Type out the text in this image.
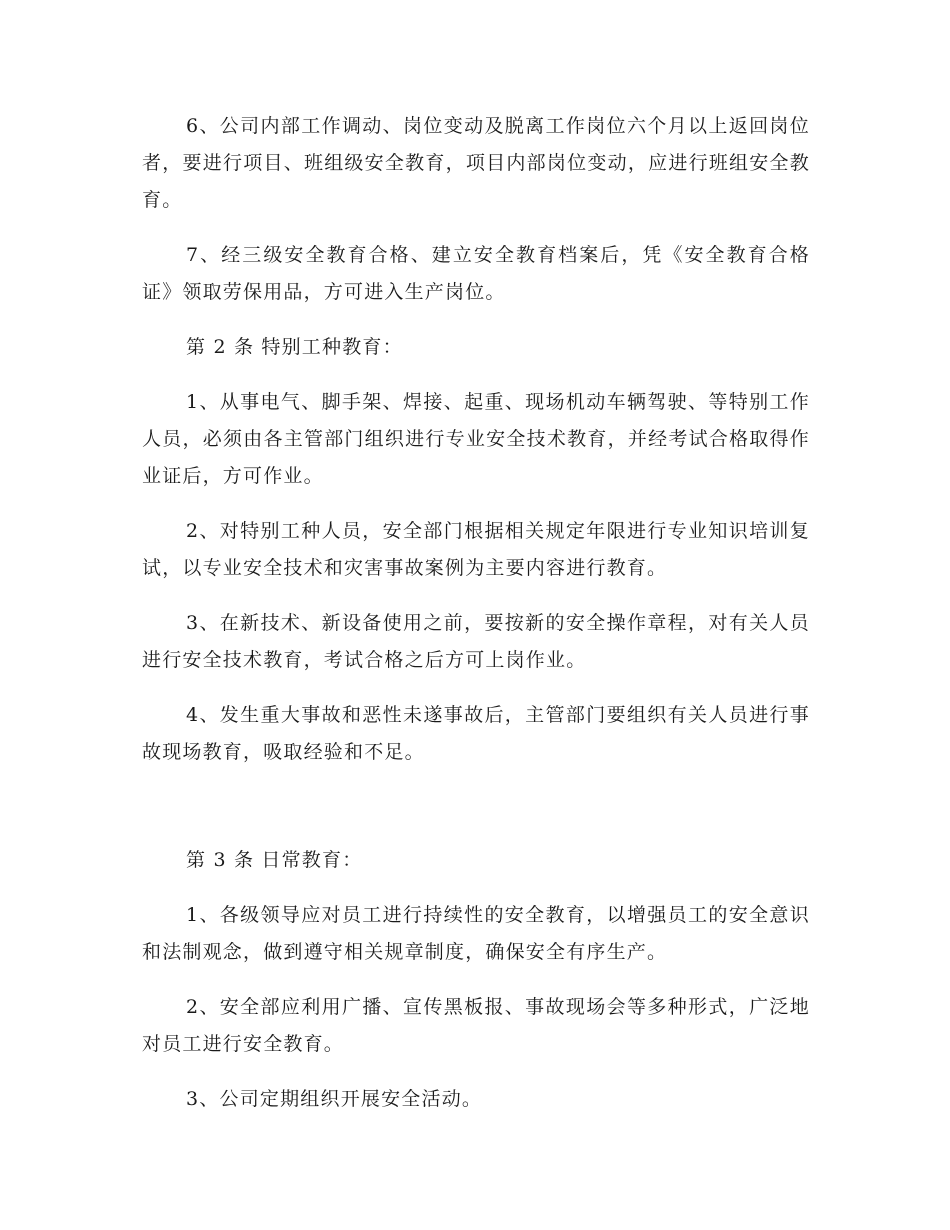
6、公司内部工作调动、岗位变动及脱离工作岗位六个月以上返回岗位者，要进行项目、班组级安全教育，项目内部岗位变动，应进行班组安全教育。

7、经三级安全教育合格、建立安全教育档案后，凭《安全教育合格证》领取劳保用品，方可进入生产岗位。

第 2 条 特别工种教育：

1、从事电气、脚手架、焊接、起重、现场机动车辆驾驶、等特别工作人员，必须由各主管部门组织进行专业安全技术教育，并经考试合格取得作业证后，方可作业。

2、对特别工种人员，安全部门根据相关规定年限进行专业知识培训复试，以专业安全技术和灾害事故案例为主要内容进行教育。

3、在新技术、新设备使用之前，要按新的安全操作章程，对有关人员进行安全技术教育，考试合格之后方可上岗作业。

4、发生重大事故和恶性未遂事故后，主管部门要组织有关人员进行事故现场教育，吸取经验和不足。

第 3 条 日常教育：

1、各级领导应对员工进行持续性的安全教育，以增强员工的安全意识和法制观念，做到遵守相关规章制度，确保安全有序生产。

2、安全部应利用广播、宣传黑板报、事故现场会等多种形式，广泛地对员工进行安全教育。

3、公司定期组织开展安全活动。
